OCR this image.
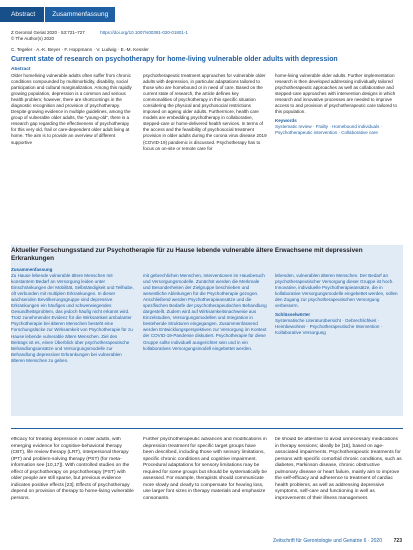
Abstract	Zusammenfassung
Z Gerontol Geriat 2020 · 53:721–727	https://doi.org/10.1007/s00391-020-01801-1
© The Author(s) 2020
C. Tegeler · A.-K. Beyer · F. Hoppmann · V. Ludwig · E.-M. Kessler
Current state of research on psychotherapy for home-living vulnerable older adults with depression
Abstract
Older homeliving vulnerable adults often suffer from chronic conditions compounded by multimorbidity, disability, social participation and cultural marginalization. Among this rapidly growing population, depression is a common and serious health problem; however, there are shortcomings in the diagnostic recognition and provision of psychotherapy. Despite growing evidence in multiple guidelines, among the group of vulnerable older adults, the “young-old”, there is a research gap regarding the effectiveness of psychotherapy for this very old, frail or care-dependent older adult living at home. The aim is to provide an overview of different supportive
psychotherapeutic treatment approaches for vulnerable older adults with depression, in particular adaptations tailored to those who are homebound or in need of care. Based on the current state of research, the article defines key commonalities of psychotherapy in this specific situation considering the physical and psychosocial restrictions imposed on ageing older adults. Furthermore, health care models are embedding psychotherapy in collaborative, stepped-care or home-delivered health services. In terms of the access and the feasibility of psychosocial treatment provision in older adults during the corona virus disease 2019 (COVID-19) pandemic is discussed. Psychotherapy has to focus on on-site or remote care for
home-living vulnerable older adults. Further implementation research is then developed addressing individually tailored psychotherapeutic approaches as well as collaborative and stepped-care approaches with intervention designs in which research and innovative processes are needed to improve access to and provision of psychotherapeutic care tailored to this population.
Keywords
Systematic review · Frailty · Homebound individuals · Psychotherapeutic intervention · Collaborative care
Aktueller Forschungsstand zur Psychotherapie für zu Hause lebende vulnerable ältere Erwachsene mit depressiven Erkrankungen
Zusammenfassung
Zu Hause lebende vulnerable ältere Menschen mit konstantem Bedarf an Versorgung leiden unter Einschränkungen der Mobilität, Selbständigkeit und Teilhabe, oft verbunden mit multiplen Erkrankungen. In dieser wachsenden Bevölkerungsgruppe sind depressive Erkrankungen ein häufiges und schwerwiegendes Gesundheitsproblem, das jedoch häufig nicht erkannt wird. Trotz zunehmender Evidenz für die Wirksamkeit ambulanter Psychotherapie bei älteren Menschen besteht eine Forschungslücke zur Wirksamkeit von Psychotherapie für zu Hause lebende vulnerable ältere Menschen. Ziel des Beitrags ist es, einen Überblick über psychotherapeutische Behandlungsansätze und Versorgungsmodelle zur Behandlung depressiver Erkrankungen bei vulnerablen älteren Menschen zu geben.
mit gebrechlichen Menschen, Interventionen im Hausbesuch und Versorgungsmodelle. Zunächst werden die Merkmale und Besonderheiten der Zielgruppe beschrieben und wesentliche Ableitungen für die Psychotherapie gezogen. Anschließend werden Psychotherapieansätze und die spezifischen Bedarfe der psychotherapeutischen Behandlung dargestellt. Zudem wird auf Wirksamkeitsnachweise aus Einzelstudien, Versorgungsmodellen und Integration in bestehende Strukturen eingegangen. Zusammenfassend werden Entwicklungsperspektiven zur Versorgung im Kontext der COVID-19-Pandemie diskutiert. Psychotherapie für diese Gruppe sollte individuell ausgerichtet sein und in ein kollaboratives Versorgungsmodell eingebettet werden.
lebenden, vulnerablen älteren Menschen. Der Bedarf an psychotherapeutischer Versorgung dieser Gruppe ist hoch. Innovative, individuelle Psychotherapieansätze, die in kollaborative Versorgungsmodelle eingebettet werden, sollen den Zugang zur psychotherapeutischen Versorgung verbessern.
Schlüsselwörter
Systematische Literaturübersicht · Gebrechlichkeit · Heimbewohner · Psychotherapeutische Intervention · Kollaborative Versorgung
efficacy for treating depression in older adults, with emerging evidence for cognitive-behavioral therapy (CBT), life review therapy (LRT), interpersonal therapy (IPT) and problem-solving therapy (PST) (for meta-information see [10,17]). With controlled studies on the effect of psychotherapy on psychotherapy (PST) with older people are still sparse, but previous evidence indicates positive effects [23]. Effects of psychotherapy depend on provision of therapy to home-living vulnerable persons.
Further psychotherapeutic advances and modifications in depression treatment for specific target groups have been described, including those with sensory limitations, specific chronic conditions and cognitive impairment. Procedural adaptations for sensory limitations may be required for some groups but should be systematically be assessed. For example, therapists should communicate more slowly and clearly to compensate for hearing loss, use larger font sizes in therapy materials and emphasize consonants.
be should be attentive to avoid unnecessary medications in therapy sessions; ideally be [16], based on age-associated impairments. Psychotherapeutic treatments for persons with specific comorbid chronic conditions, such as diabetes, Parkinson disease, chronic obstructive pulmonary disease or heart failure, mainly aim to improve the self-efficacy and adherence to treatment of cardiac health problems, as well as addressing depressive symptoms, self-care and functioning in well as improvements of their illness management.
Zeitschrift für Gerontologie und Geriatrie 6 · 2020 723
